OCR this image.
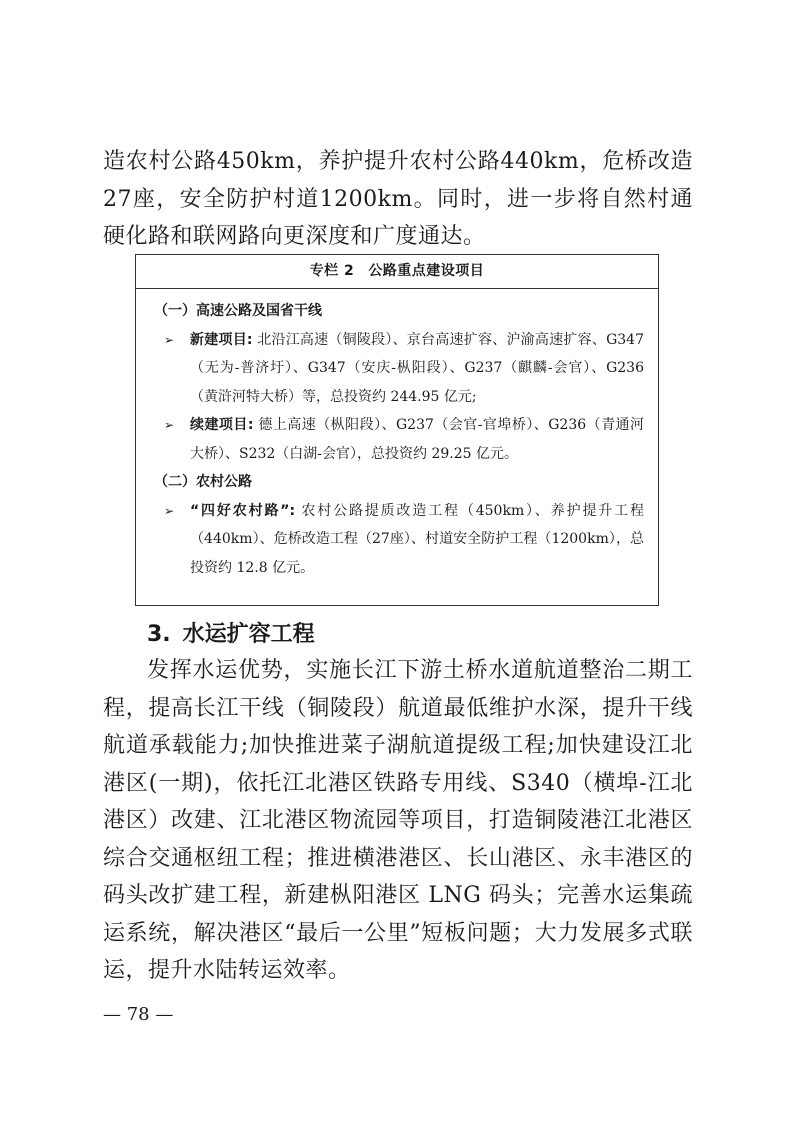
造农村公路450km，养护提升农村公路440km，危桥改造27座，安全防护村道1200km。同时，进一步将自然村通硬化路和联网路向更深度和广度通达。

专栏 2 公路重点建设项目

（一）高速公路及国省干线

➢ 新建项目: 北沿江高速（铜陵段）、京台高速扩容、沪渝高速扩容、G347（无为-普济圩）、G347（安庆-枞阳段）、G237（麒麟-会官）、G236（黄浒河特大桥）等，总投资约 244.95 亿元;

➢ 续建项目: 德上高速（枞阳段）、G237（会官-官埠桥）、G236（青通河大桥）、S232（白湖-会官），总投资约 29.25 亿元。

（二）农村公路

➢ “四好农村路”: 农村公路提质改造工程（450km）、养护提升工程（440km）、危桥改造工程（27座）、村道安全防护工程（1200km），总投资约 12.8 亿元。

3. 水运扩容工程

发挥水运优势，实施长江下游土桥水道航道整治二期工程，提高长江干线（铜陵段）航道最低维护水深，提升干线航道承载能力;加快推进菜子湖航道提级工程;加快建设江北港区(一期)，依托江北港区铁路专用线、S340（横埠-江北港区）改建、江北港区物流园等项目，打造铜陵港江北港区综合交通枢纽工程；推进横港港区、长山港区、永丰港区的码头改扩建工程，新建枞阳港区 LNG 码头；完善水运集疏运系统，解决港区“最后一公里”短板问题；大力发展多式联运，提升水陆转运效率。

— 78 —
